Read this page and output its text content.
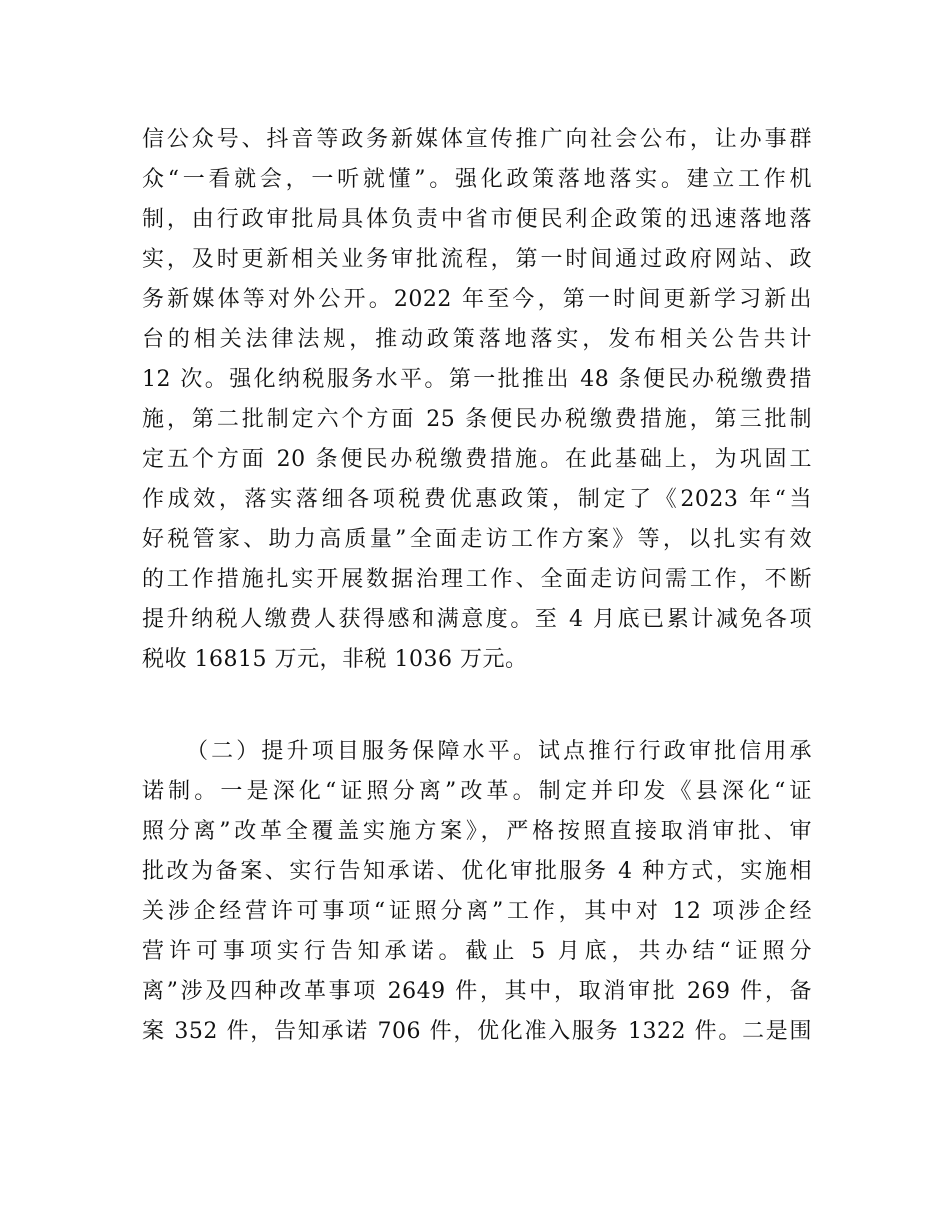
信公众号、抖音等政务新媒体宣传推广向社会公布，让办事群
众“一看就会，一听就懂”。强化政策落地落实。建立工作机
制，由行政审批局具体负责中省市便民利企政策的迅速落地落
实，及时更新相关业务审批流程，第一时间通过政府网站、政
务新媒体等对外公开。2022 年至今，第一时间更新学习新出
台的相关法律法规，推动政策落地落实，发布相关公告共计
12 次。强化纳税服务水平。第一批推出 48 条便民办税缴费措
施，第二批制定六个方面 25 条便民办税缴费措施，第三批制
定五个方面 20 条便民办税缴费措施。在此基础上，为巩固工
作成效，落实落细各项税费优惠政策，制定了《2023 年“当
好税管家、助力高质量”全面走访工作方案》等，以扎实有效
的工作措施扎实开展数据治理工作、全面走访问需工作，不断
提升纳税人缴费人获得感和满意度。至 4 月底已累计减免各项
税收 16815 万元，非税 1036 万元。
（二）提升项目服务保障水平。试点推行行政审批信用承
诺制。一是深化“证照分离”改革。制定并印发《县深化“证
照分离”改革全覆盖实施方案》，严格按照直接取消审批、审
批改为备案、实行告知承诺、优化审批服务 4 种方式，实施相
关涉企经营许可事项“证照分离”工作，其中对 12 项涉企经
营许可事项实行告知承诺。截止 5 月底，共办结“证照分
离”涉及四种改革事项 2649 件，其中，取消审批 269 件，备
案 352 件，告知承诺 706 件，优化准入服务 1322 件。二是围
